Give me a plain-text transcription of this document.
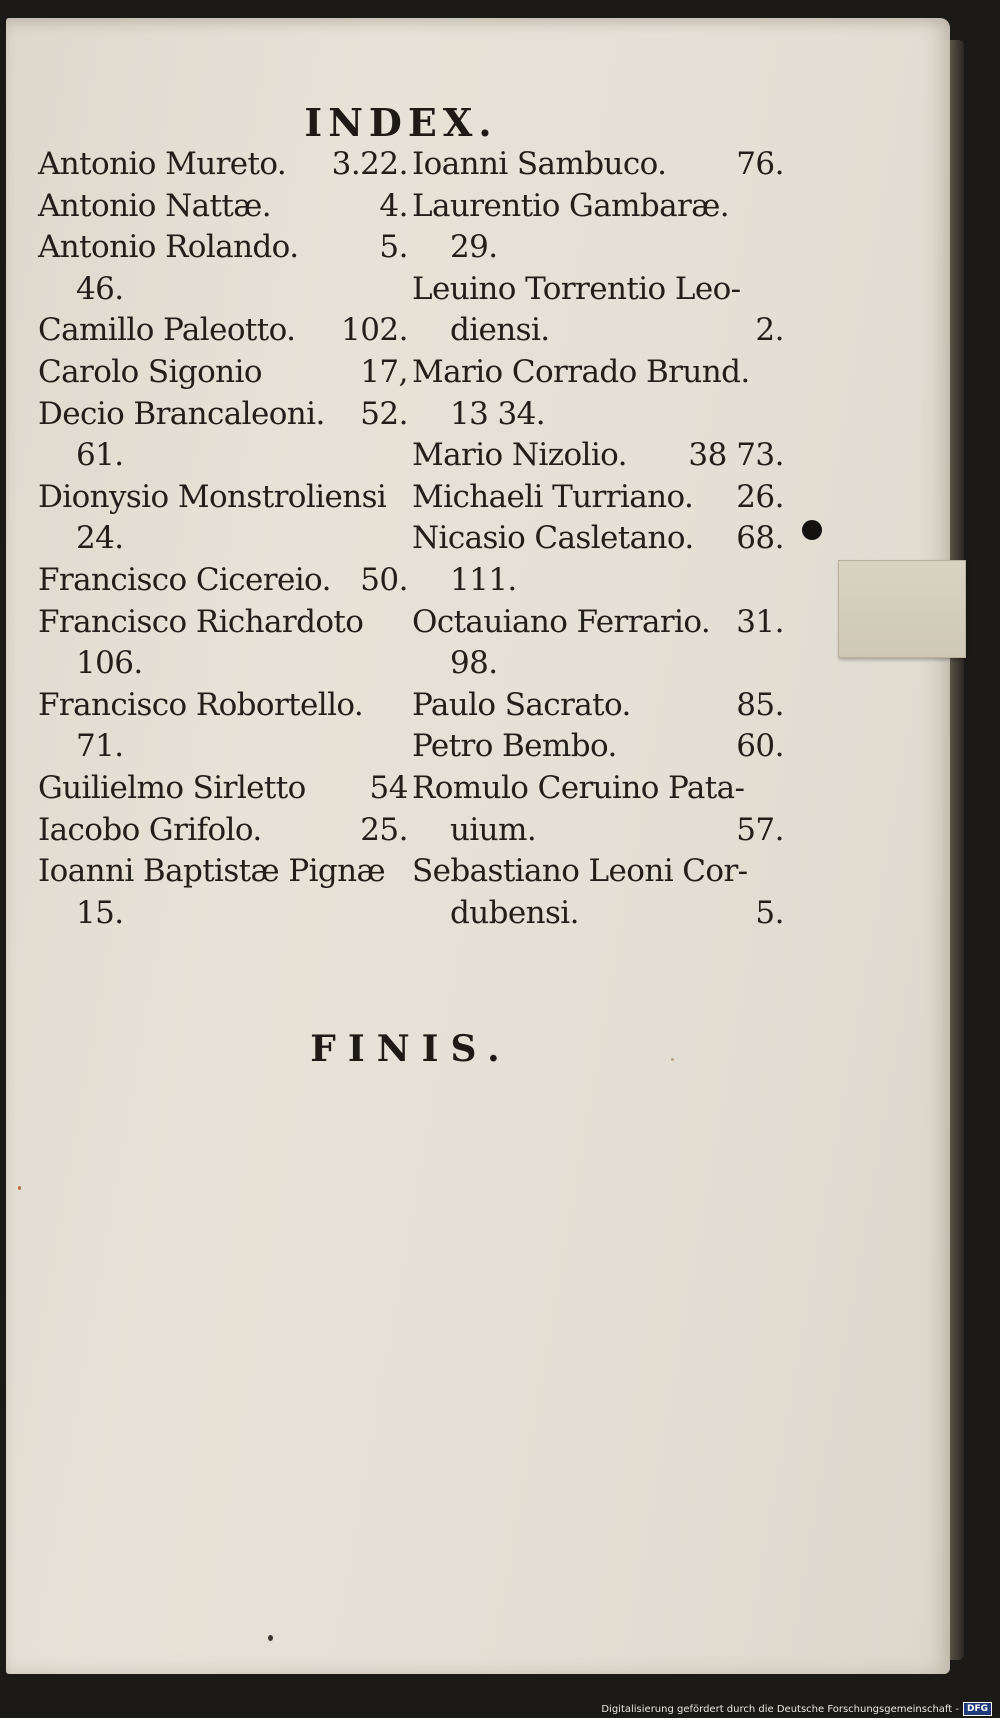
INDEX.
Antonio Mureto. 3.22.
Antonio Nattæ.	4.
Antonio Rolando.	5.
46.
Camillo Paleotto. 102.
Carolo Sigonio	17,
Decio Brancaleoni. 52.
61.
Dionysio Monstroliensi
24.
Francisco Cicereio. 50.
Francisco Richardoto
106.
Francisco Robortello.
71.
Guilielmo Sirletto 54
Iacobo Grifolo.	25.
Ioanni Baptistæ Pignæ
15.
Ioanni Sambuco. 76.
Laurentio Gambaræ.
29.
Leuino Torrentio Leo-
diensi.	2.
Mario Corrado Brund.
13 34.
Mario Nizolio. 38 73.
Michaeli Turriano. 26.
Nicasio Casletano. 68.
111.
Octauiano Ferrario. 31.
98.
Paulo Sacrato.	85.
Petro Bembo.	60.
Romulo Ceruino Pata-
uium.	57.
Sebastiano Leoni Cor-
dubensi.	5.
FINIS.
Digitalisierung gefördert durch die Deutsche Forschungsgemeinschaft - DFG
